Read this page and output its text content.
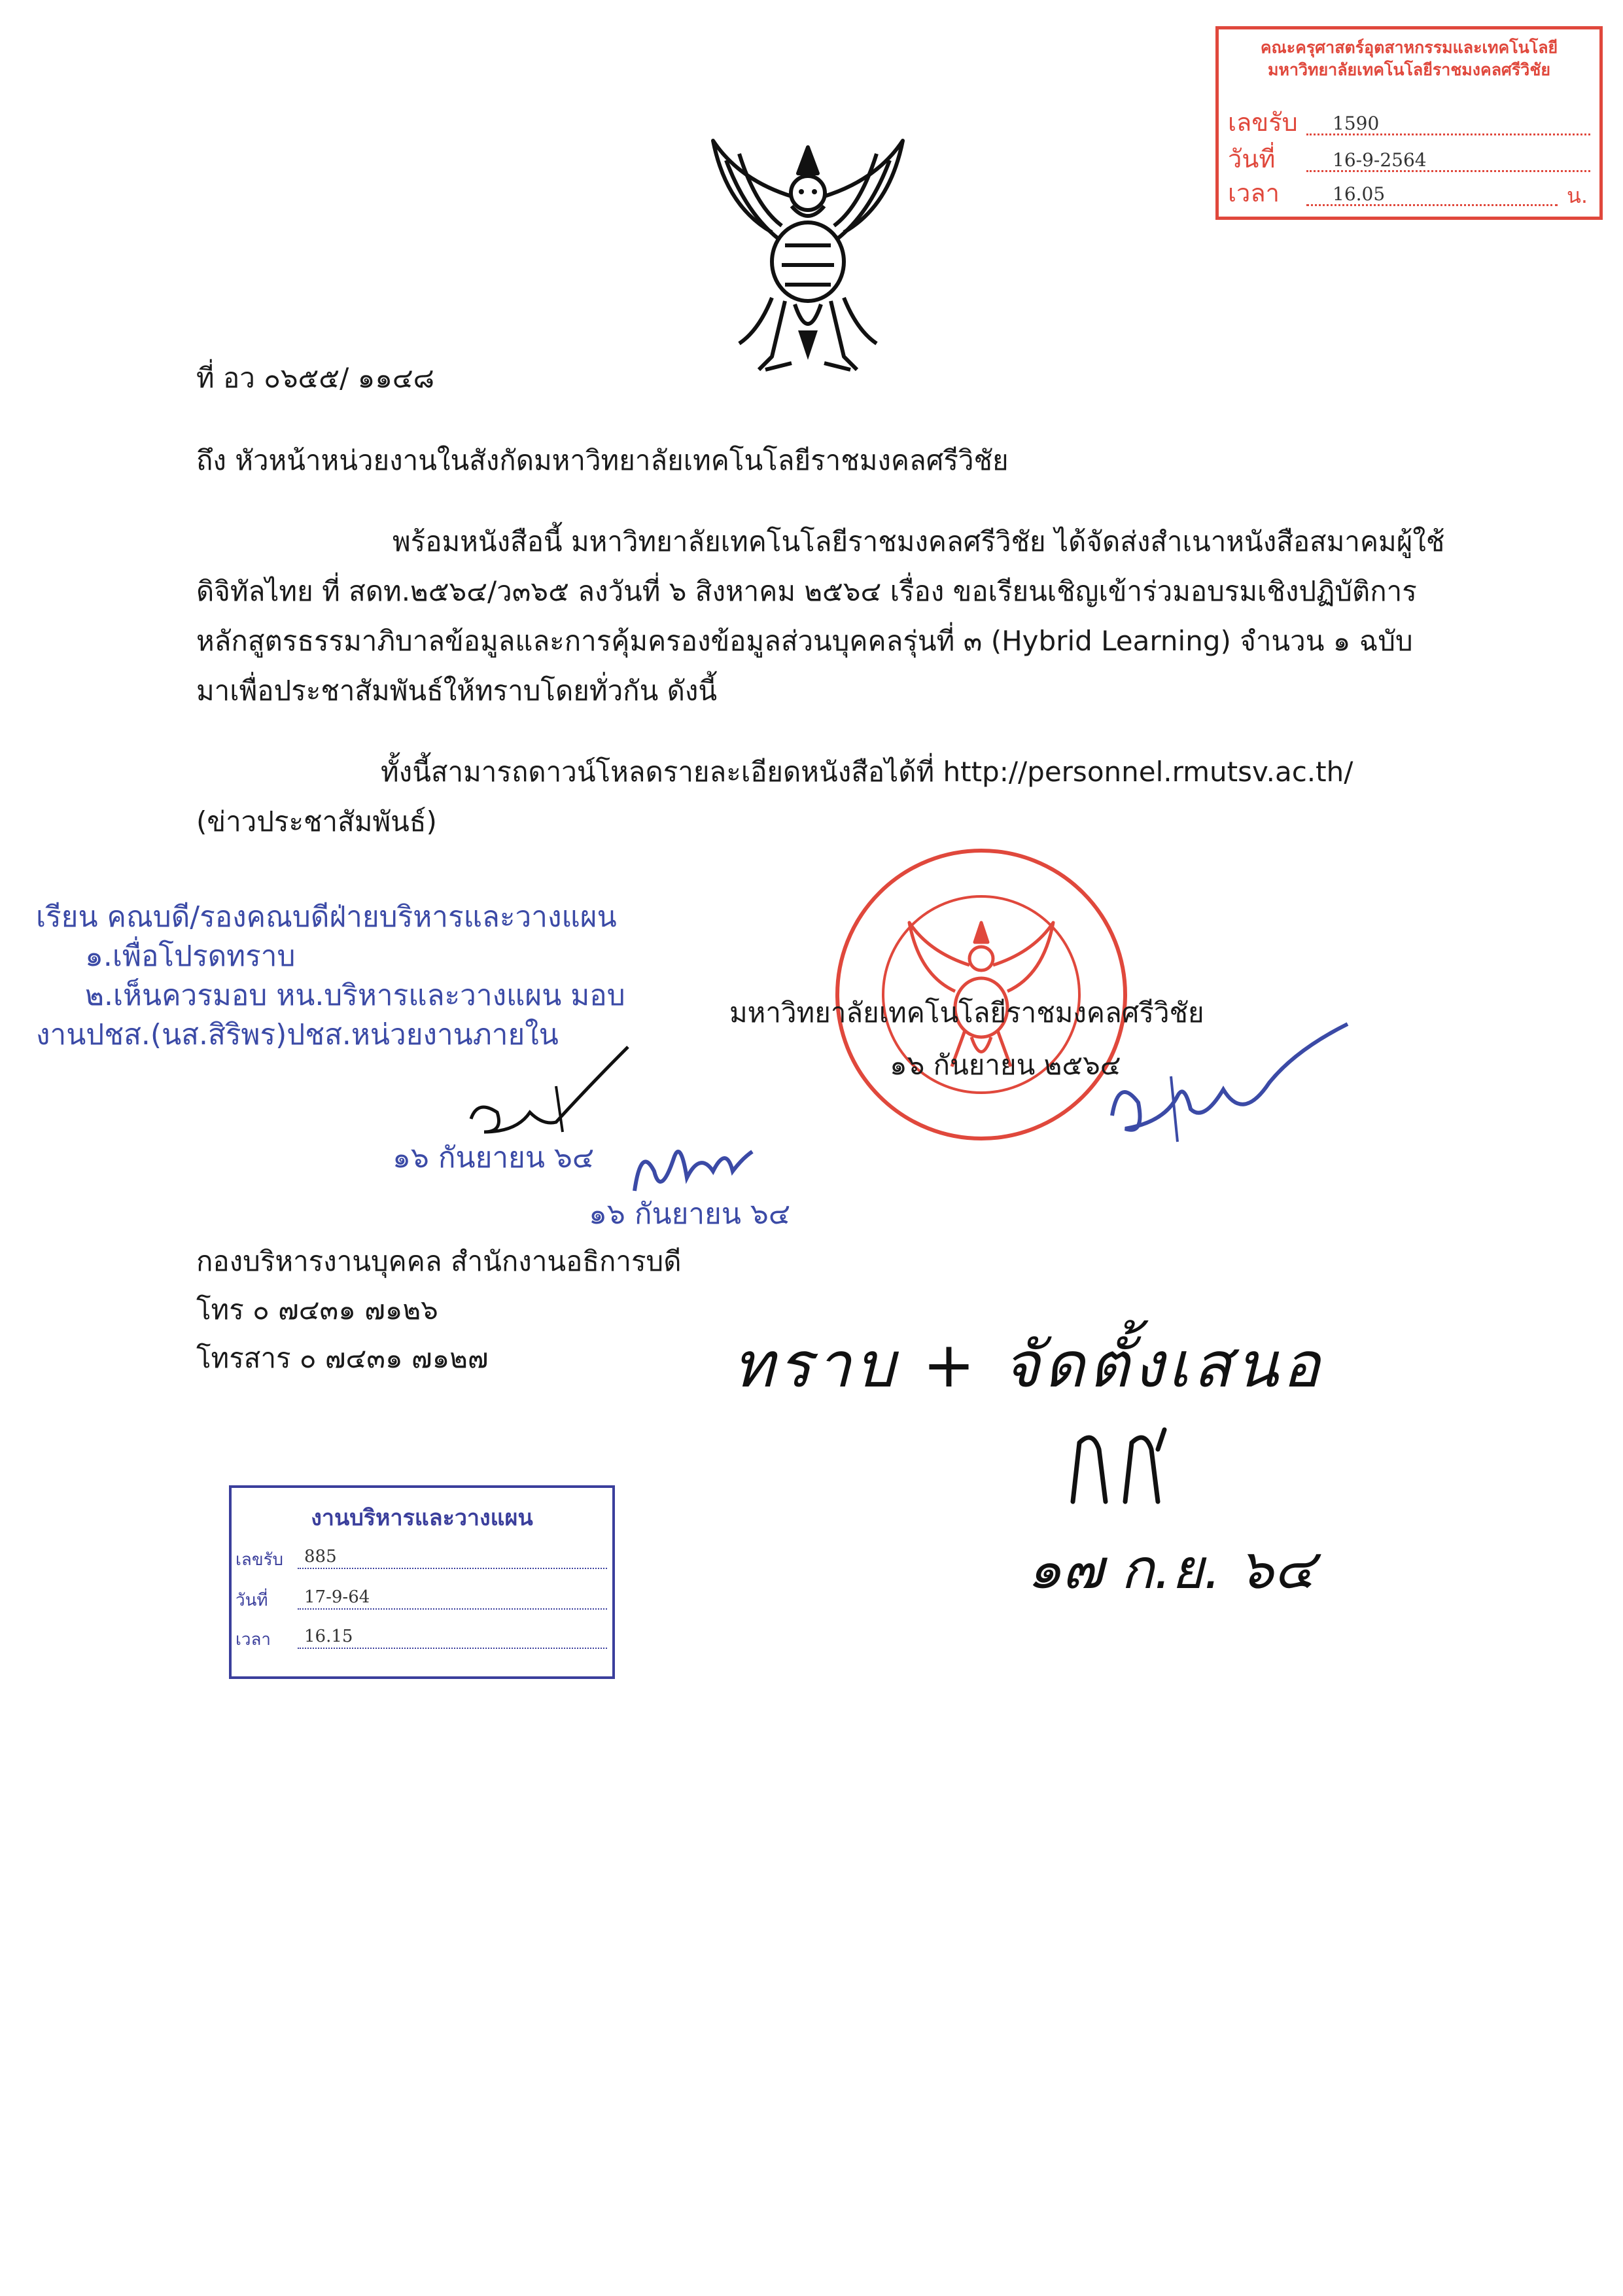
คณะครุศาสตร์อุตสาหกรรมและเทคโนโลยี
มหาวิทยาลัยเทคโนโลยีราชมงคลศรีวิชัย
เลขรับ 1590
วันที่	16-9-2564
เวลา	16.05	น.
ที่ อว ๐๖๕๕/ ๑๑๔๘
ถึง หัวหน้าหน่วยงานในสังกัดมหาวิทยาลัยเทคโนโลยีราชมงคลศรีวิชัย
พร้อมหนังสือนี้ มหาวิทยาลัยเทคโนโลยีราชมงคลศรีวิชัย ได้จัดส่งสำเนาหนังสือสมาคมผู้ใช้
ดิจิทัลไทย ที่ สดท.๒๕๖๔/ว๓๖๕ ลงวันที่ ๖ สิงหาคม ๒๕๖๔ เรื่อง ขอเรียนเชิญเข้าร่วมอบรมเชิงปฏิบัติการ
หลักสูตรธรรมาภิบาลข้อมูลและการคุ้มครองข้อมูลส่วนบุคคลรุ่นที่ ๓ (Hybrid Learning) จำนวน ๑ ฉบับ
มาเพื่อประชาสัมพันธ์ให้ทราบโดยทั่วกัน ดังนี้
ทั้งนี้สามารถดาวน์โหลดรายละเอียดหนังสือได้ที่ http://personnel.rmutsv.ac.th/
(ข่าวประชาสัมพันธ์)
เรียน คณบดี/รองคณบดีฝ่ายบริหารและวางแผน
๑.เพื่อโปรดทราบ
๒.เห็นควรมอบ หน.บริหารและวางแผน มอบ
งานปชส.(นส.สิริพร)ปชส.หน่วยงานภายใน
๑๖ กันยายน ๖๔
๑๖ กันยายน ๖๔
มหาวิทยาลัยเทคโนโลยีราชมงคลศรีวิชัย
๑๖ กันยายน ๒๕๖๔
กองบริหารงานบุคคล สำนักงานอธิการบดี
โทร ๐ ๗๔๓๑ ๗๑๒๖
โทรสาร ๐ ๗๔๓๑ ๗๑๒๗	ทราบ + จัดตั้งเสนอ
๑๗ ก.ย. ๖๔
งานบริหารและวางแผน
เลขรับ 885
วันที่ 17-9-64
เวลา 16.15
